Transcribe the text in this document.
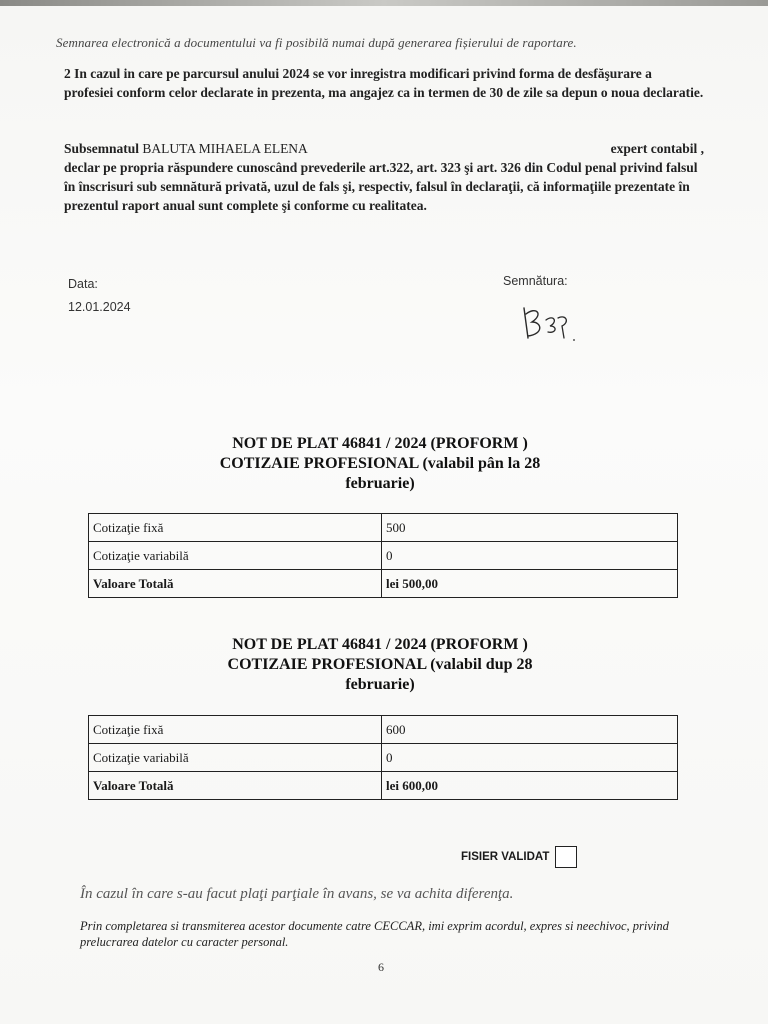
Semnarea electronică a documentului va fi posibilă numai după generarea fișierului de raportare.
2 In cazul in care pe parcursul anului 2024 se vor inregistra modificari privind forma de desfăşurare a profesiei conform celor declarate in prezenta, ma angajez ca in termen de 30 de zile sa depun o noua declaratie.
Subsemnatul BALUTA MIHAELA ELENA	expert contabil ,
declar pe propria răspundere cunoscând prevederile art.322, art. 323 şi art. 326 din Codul penal privind falsul în înscrisuri sub semnătură privată, uzul de fals şi, respectiv, falsul în declaraţii, că informaţiile prezentate în prezentul raport anual sunt complete şi conforme cu realitatea.
Data:
12.01.2024
Semnătura:
NOT DE PLAT 46841 / 2024 (PROFORM )
COTIZAIE PROFESIONAL (valabil pân la 28
februarie)
Cotizaţie fixă	500
Cotizaţie variabilă	0
Valoare Totală	lei 500,00
NOT DE PLAT 46841 / 2024 (PROFORM )
COTIZAIE PROFESIONAL (valabil dup 28
februarie)
Cotizaţie fixă	600
Cotizaţie variabilă	0
Valoare Totală	lei 600,00
FISIER VALIDAT
În cazul în care s-au facut plaţi parţiale în avans, se va achita diferenţa.
Prin completarea si transmiterea acestor documente catre CECCAR, imi exprim acordul, expres si neechivoc, privind prelucrarea datelor cu caracter personal.
6
